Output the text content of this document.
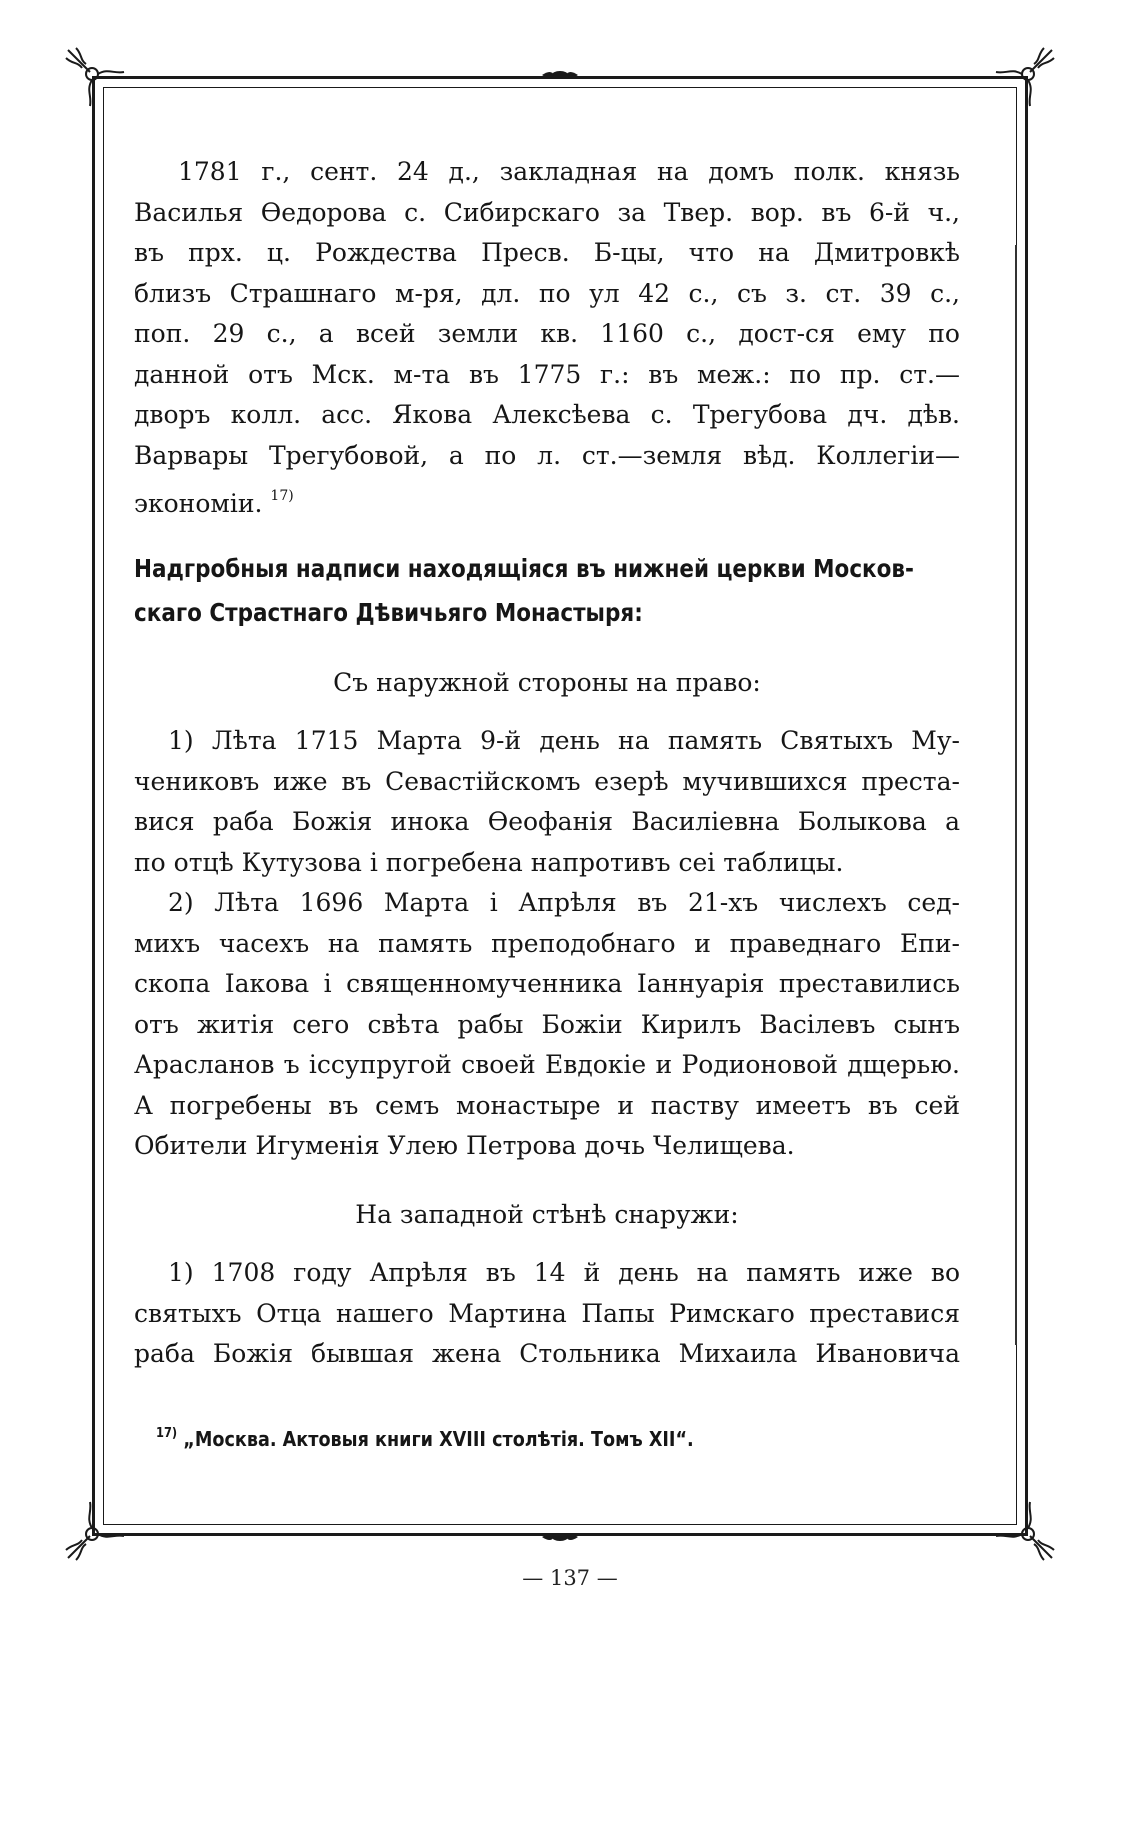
1781 г., сент. 24 д., закладная на домъ полк. князь

Василья Өедорова с. Сибирскаго за Твер. вор. въ 6-й ч.,

въ прх. ц. Рождества Пресв. Б-цы, что на Дмитровкѣ

близъ Страшнаго м-ря, дл. по ул 42 с., съ з. ст. 39 с.,

поп. 29 с., а всей земли кв. 1160 с., дост-ся ему по

данной отъ Мск. м-та въ 1775 г.: въ меж.: по пр. ст.—

дворъ колл. асс. Якова Алексѣева с. Трегубова дч. дѣв.

Варвары Трегубовой, а по л. ст.—земля вѣд. Коллегіи—

экономіи. $^{17)}$

Надгробныя надписи находящіяся въ нижней церкви Москов-

скаго Страстнаго Дѣвичьяго Монастыря:

Съ наружной стороны на право:

1) Лѣта 1715 Марта 9-й день на память Святыхъ Му-

чениковъ иже въ Севастійскомъ езерѣ мучившихся преста-

вися раба Божія инока Өеофанія Василіевна Болыкова а

по отцѣ Кутузова і погребена напротивъ сеі таблицы.

2) Лѣта 1696 Марта і Апрѣля въ 21-хъ числехъ сед-

михъ часехъ на память преподобнаго и праведнаго Епи-

скопа Іакова і священномученника Іаннуарія преставились

отъ житія сего свѣта рабы Божіи Кирилъ Васілевъ сынъ

Арасланов ъ іссупругой своей Евдокіе и Родионовой дщерью.

А погребены въ семъ монастыре и паству имеетъ въ сей

Обители Игуменія Улею Петрова дочь Челищева.

На западной стѣнѣ снаружи:

1) 1708 году Апрѣля въ 14 й день на память иже во

святыхъ Отца нашего Мартина Папы Римскаго преставися

раба Божія бывшая жена Стольника Михаила Ивановича

$^{17)}$ „Москва. Актовыя книги XVIII столѣтія. Томъ XII“.
— 137 —
